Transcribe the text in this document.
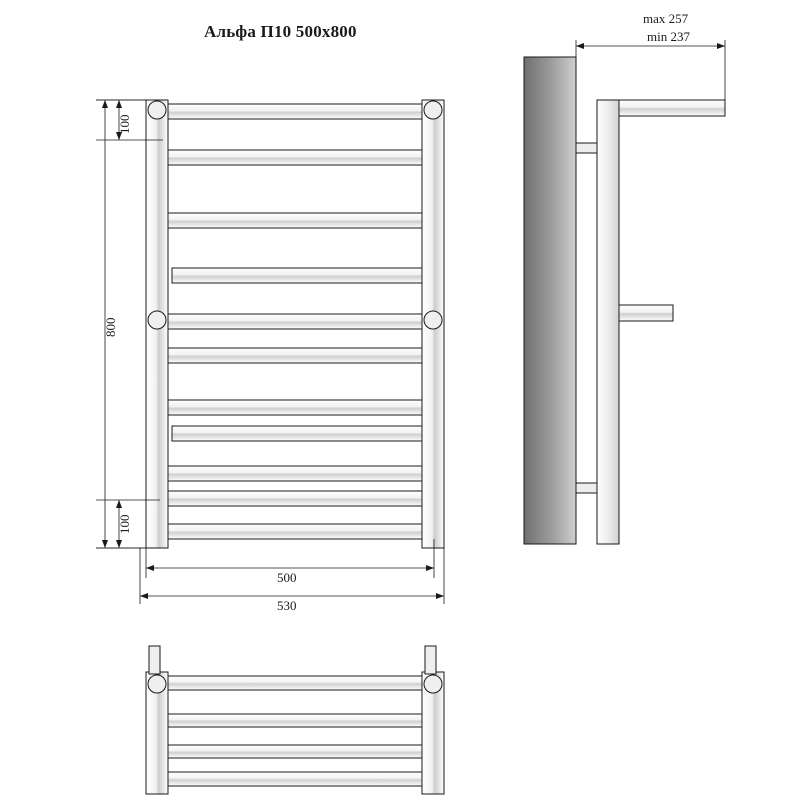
Альфа П10 500x800
100
800
100
500
530
max 257
min 237
